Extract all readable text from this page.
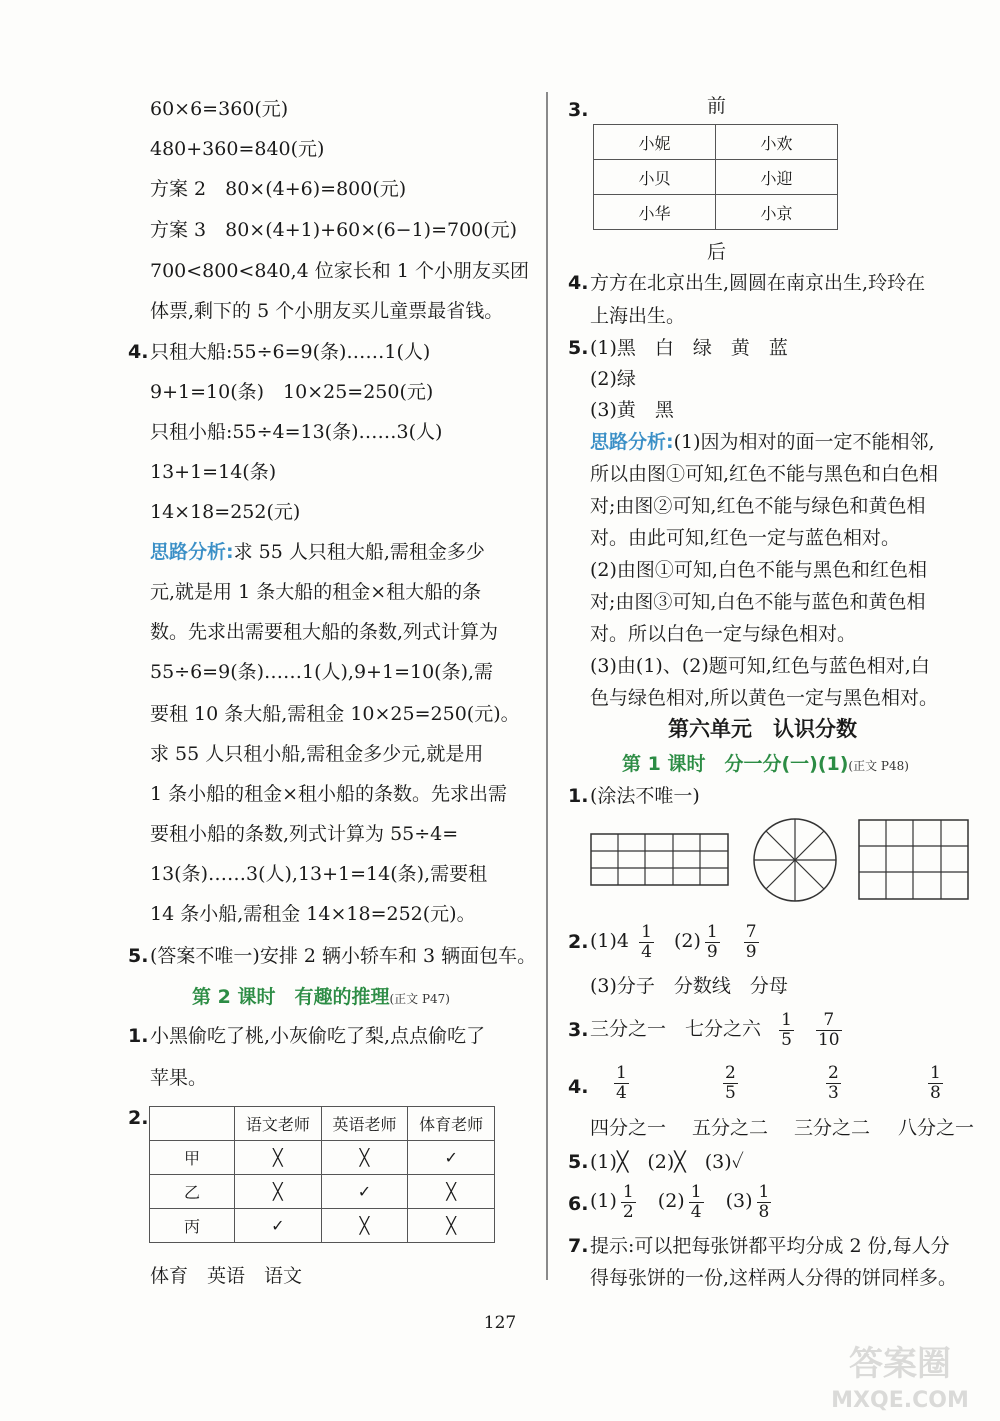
60×6=360(元)
480+360=840(元)
方案 2　80×(4+6)=800(元)
方案 3　80×(4+1)+60×(6−1)=700(元)
700<800<840,4 位家长和 1 个小朋友买团
体票,剩下的 5 个小朋友买儿童票最省钱。
4. 只租大船:55÷6=9(条)……1(人)
9+1=10(条)　10×25=250(元)
只租小船:55÷4=13(条)……3(人)
13+1=14(条)
14×18=252(元)
思路分析:求 55 人只租大船,需租金多少
元,就是用 1 条大船的租金×租大船的条
数。先求出需要租大船的条数,列式计算为
55÷6=9(条)……1(人),9+1=10(条),需
要租 10 条大船,需租金 10×25=250(元)。
求 55 人只租小船,需租金多少元,就是用
1 条小船的租金×租小船的条数。先求出需
要租小船的条数,列式计算为 55÷4=
13(条)……3(人),13+1=14(条),需要租
14 条小船,需租金 14×18=252(元)。
5. (答案不唯一)安排 2 辆小轿车和 3 辆面包车。
第 2 课时　有趣的推理(正文 P47)
1. 小黑偷吃了桃,小灰偷吃了梨,点点偷吃了
苹果。
2.
		语文老师	英语老师	体育老师
甲	╳	╳	✓
乙	╳	✓	╳
丙	✓	╳	╳
体育　英语　语文
3.	前
小妮	小欢
小贝	小迎
小华	小京
后
4. 方方在北京出生,圆圆在南京出生,玲玲在
上海出生。
5. (1)黑　白　绿　黄　蓝
(2)绿
(3)黄　黑
思路分析:(1)因为相对的面一定不能相邻,
所以由图①可知,红色不能与黑色和白色相
对;由图②可知,红色不能与绿色和黄色相
对。由此可知,红色一定与蓝色相对。
(2)由图①可知,白色不能与黑色和红色相
对;由图③可知,白色不能与蓝色和黄色相
对。所以白色一定与绿色相对。
(3)由(1)、(2)题可知,红色与蓝色相对,白
色与绿色相对,所以黄色一定与黑色相对。
第六单元　认识分数
第 1 课时　分一分(一)(1)(正文 P48)
1. (涂法不唯一)
2. $(1)4 \frac{1}{4} (2) \frac{1}{9}$
$\frac{7}{9}$
(3)分子　分数线　分母
3. 三分之一　七分之六 $\frac{1}{5}$
$\frac{7}{10}$
4. $\frac{1}{4}$	$\frac{2}{5}$	$\frac{2}{3}$	$\frac{1}{8}$
四分之一 五分之二 三分之二 八分之一
5. (1)╳　(2)╳　(3)✓
6. $(1) \frac{1}{2} (2) \frac{1}{4} (3) \frac{1}{8}$
7. 提示:可以把每张饼都平均分成 2 份,每人分
得每张饼的一份,这样两人分得的饼同样多。
127
答案圈
MXQE.COM
